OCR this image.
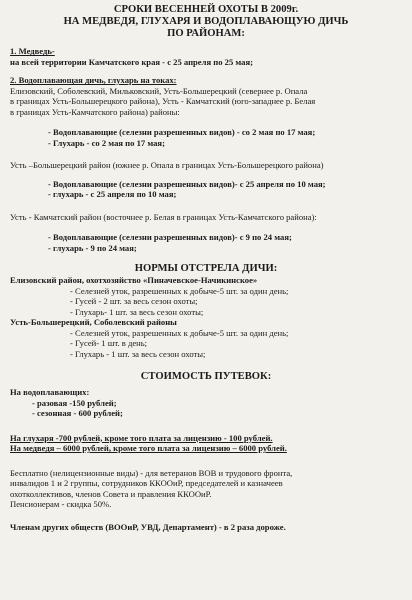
СРОКИ ВЕСЕННЕЙ ОХОТЫ В 2009г.
НА МЕДВЕДЯ, ГЛУХАРЯ И ВОДОПЛАВАЮЩУЮ ДИЧЬ
ПО РАЙОНАМ:

1. Медведь-

на всей территории Камчатского края - с 25 апреля по 25 мая;

2. Водоплавающая дичь, глухарь на токах:

Елизовский, Соболевский, Мильковский, Усть-Большерецкий (севернее р. Опала

в границах Усть-Большерецкого района), Усть - Камчатский (юго-западнее р. Белая

в границах Усть-Камчатского района) районы:

- Водоплавающие (селезни разрешенных видов) - со 2 мая по 17 мая;

- Глухарь - со 2 мая по 17 мая;

Усть –Большерецкий район (южнее р. Опала в границах Усть-Большерецкого района)

- Водоплавающие (селезни разрешенных видов)- с 25 апреля по 10 мая;

- глухарь - с 25 апреля по 10 мая;

Усть - Камчатский район (восточнее р. Белая в границах Усть-Камчатского района):

- Водоплавающие (селезни разрешенных видов)- с 9 по 24 мая;

- глухарь - 9 по 24 мая;

НОРМЫ ОТСТРЕЛА ДИЧИ:

Елизовский район, охотхозяйство «Пиначевское-Начикинское»

- Селезней уток, разрешенных к добыче-5 шт. за один день;

- Гусей - 2 шт. за весь сезон охоты;

- Глухарь- 1 шт. за весь сезон охоты;

Усть-Большерецкий, Соболевский районы

- Селезней уток, разрешенных к добыче-5 шт. за один день;

- Гусей- 1 шт. в день;

- Глухарь - 1 шт. за весь сезон охоты;

СТОИМОСТЬ ПУТЕВОК:

На водоплавающих:

- разовая -150 рублей;

- сезонная - 600 рублей;

На глухаря -700 рублей, кроме того плата за лицензию - 100 рублей.

На медведя – 6000 рублей, кроме того плата за лицензию – 6000 рублей.

Бесплатно (нелицензионные виды) - для ветеранов ВОВ и трудового фронта,

инвалидов 1 и 2 группы, сотрудников ККООиР, председателей и казначеев

охотколлективов, членов Совета и правления ККООиР.

Пенсионерам - скидка 50%.

Членам других обществ (ВООиР, УВД, Департамент) - в 2 раза дороже.
